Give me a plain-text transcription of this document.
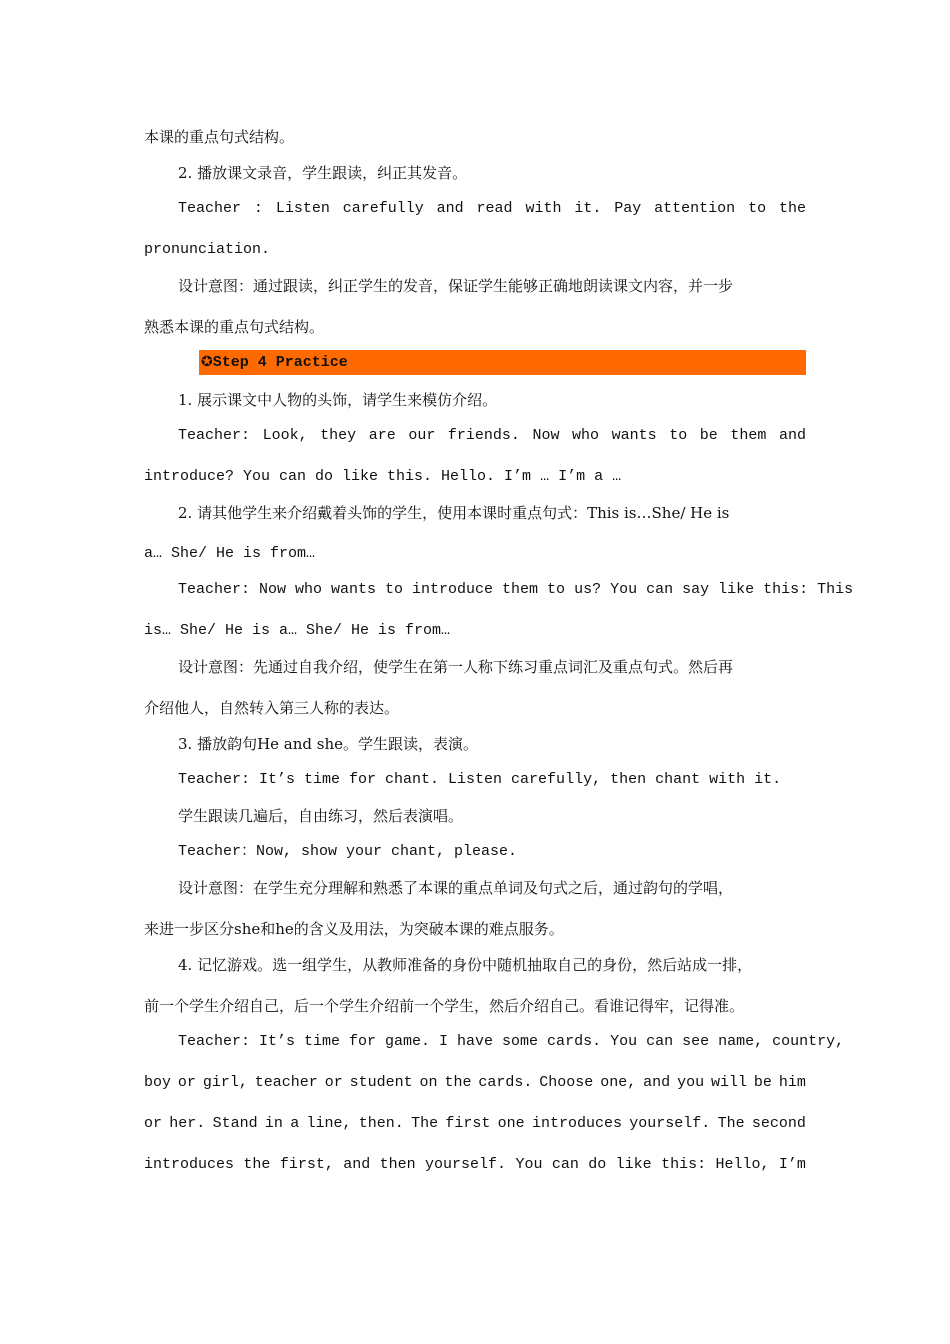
本课的重点句式结构。
2. 播放课文录音，学生跟读，纠正其发音。
Teacher : Listen carefully and read with it. Pay attention to the
pronunciation.
设计意图：通过跟读，纠正学生的发音，保证学生能够正确地朗读课文内容，并一步
熟悉本课的重点句式结构。
✪Step 4 Practice
1. 展示课文中人物的头饰，请学生来模仿介绍。
Teacher: Look, they are our friends. Now who wants to be them and
introduce? You can do like this. Hello. I’m … I’m a …
2. 请其他学生来介绍戴着头饰的学生，使用本课时重点句式：This is…She/ He is
a… She/ He is from…
Teacher: Now who wants to introduce them to us? You can say like this: This
is… She/ He is a… She/ He is from…
设计意图：先通过自我介绍，使学生在第一人称下练习重点词汇及重点句式。然后再
介绍他人，自然转入第三人称的表达。
3. 播放韵句He and she。学生跟读，表演。
Teacher: It’s time for chant. Listen carefully, then chant with it.
学生跟读几遍后，自由练习，然后表演唱。
Teacher：Now, show your chant, please.
设计意图：在学生充分理解和熟悉了本课的重点单词及句式之后，通过韵句的学唱，
来进一步区分she和he的含义及用法，为突破本课的难点服务。
4. 记忆游戏。选一组学生，从教师准备的身份中随机抽取自己的身份，然后站成一排，
前一个学生介绍自己，后一个学生介绍前一个学生，然后介绍自己。看谁记得牢，记得准。
Teacher: It’s time for game. I have some cards. You can see name, country,
boy or girl, teacher or student on the cards. Choose one, and you will be him
or her. Stand in a line, then. The first one introduces yourself. The second
introduces the first, and then yourself. You can do like this: Hello, I’m
